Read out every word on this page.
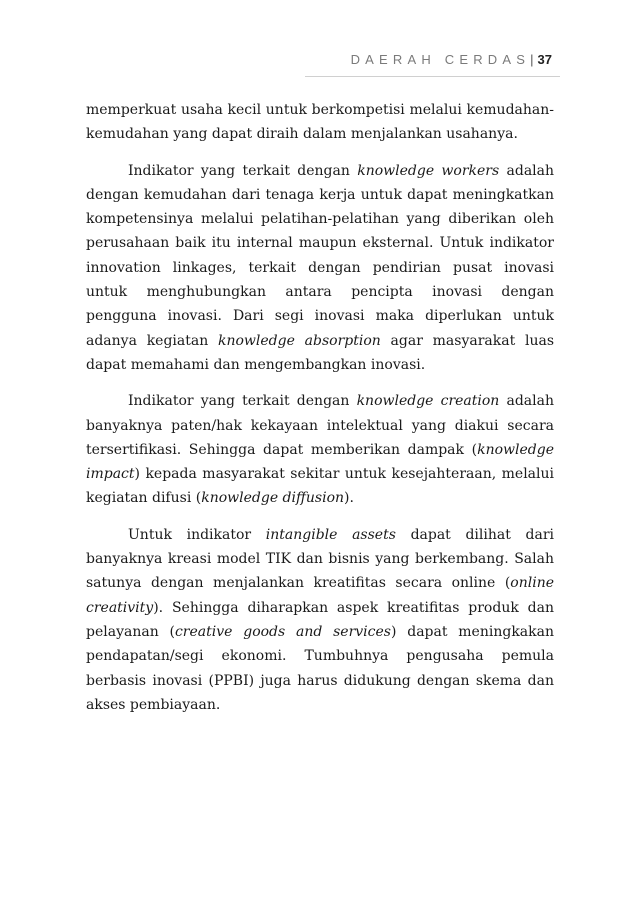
DAERAH CERDAS| 37

memperkuat usaha kecil untuk berkompetisi melalui kemudahan-kemudahan yang dapat diraih dalam menjalankan usahanya.

Indikator yang terkait dengan knowledge workers adalah dengan kemudahan dari tenaga kerja untuk dapat meningkatkan kompetensinya melalui pelatihan-pelatihan yang diberikan oleh perusahaan baik itu internal maupun eksternal. Untuk indikator innovation linkages, terkait dengan pendirian pusat inovasi untuk menghubungkan antara pencipta inovasi dengan pengguna inovasi. Dari segi inovasi maka diperlukan untuk adanya kegiatan knowledge absorption agar masyarakat luas dapat memahami dan mengembangkan inovasi.

Indikator yang terkait dengan knowledge creation adalah banyaknya paten/hak kekayaan intelektual yang diakui secara tersertifikasi. Sehingga dapat memberikan dampak (knowledge impact) kepada masyarakat sekitar untuk kesejahteraan, melalui kegiatan difusi (knowledge diffusion).

Untuk indikator intangible assets dapat dilihat dari banyaknya kreasi model TIK dan bisnis yang berkembang. Salah satunya dengan menjalankan kreatifitas secara online (online creativity). Sehingga diharapkan aspek kreatifitas produk dan pelayanan (creative goods and services) dapat meningkakan pendapatan/segi ekonomi. Tumbuhnya pengusaha pemula berbasis inovasi (PPBI) juga harus didukung dengan skema dan akses pembiayaan.
